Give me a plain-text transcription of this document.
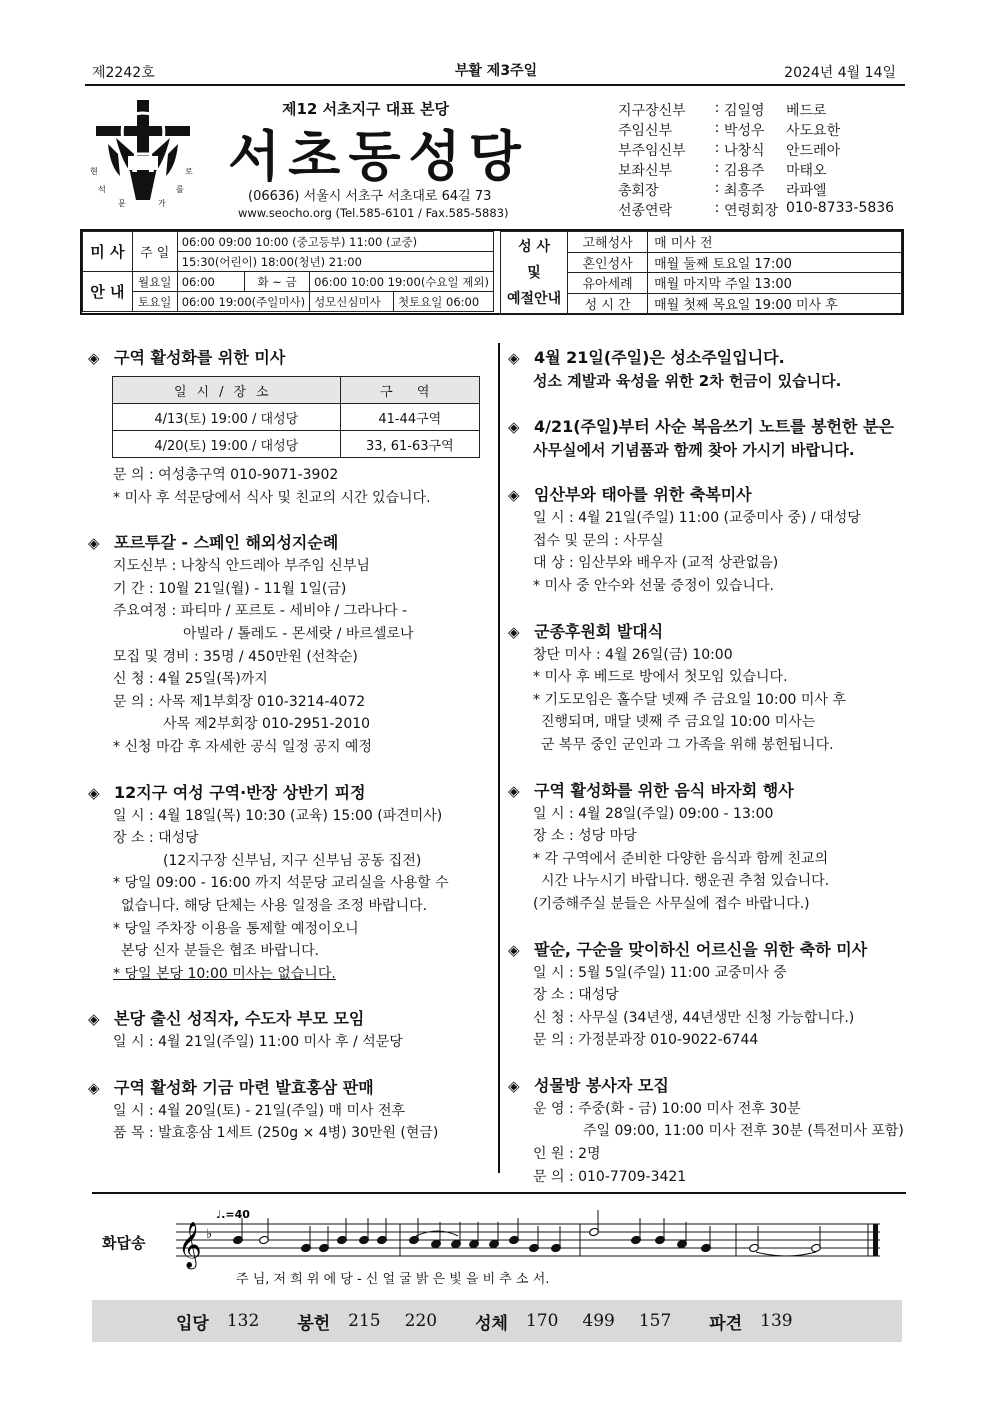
제2242호	부활 제3주일	2024년 4월 14일
현	로
석	를
문	가
제12 서초지구 대표 본당
서초동성당
(06636) 서울시 서초구 서초대로 64길 73
www.seocho.org (Tel.585-6101 / Fax.585-5883)
지구장신부	: 김일영	베드로
주임신부	: 박성우	사도요한
부주임신부	: 나창식	안드레아
보좌신부	: 김용주	마태오
총회장	: 최흥주	라파엘
선종연락	: 연령회장 010-8733-5836
미 사	주 일	06:00 09:00 10:00 (중고등부) 11:00 (교중)			
		15:30(어린이) 18:00(청년) 21:00			
안 내	월요일	06:00	화 ~ 금	06:00 10:00 19:00(수요일 제외)	
	토요일	06:00 19:00(주일미사)		성모신심미사	첫토요일 06:00
성 사
및
예절안내	고해성사	매 미사 전
	혼인성사	매월 둘째 토요일 17:00
	유아세례	매월 마지막 주일 13:00
	성 시 간	매월 첫째 목요일 19:00 미사 후
◈ 구역 활성화를 위한 미사
일시/장소	구 역
4/13(토) 19:00 / 대성당	41-44구역
4/20(토) 19:00 / 대성당	33, 61-63구역
문 의 : 여성총구역 010-9071-3902
* 미사 후 석문당에서 식사 및 친교의 시간 있습니다.
◈ 포르투갈 - 스페인 해외성지순례
지도신부 : 나창식 안드레아 부주임 신부님
기 간 : 10월 21일(월) - 11월 1일(금)
주요여정 : 파티마 / 포르토 - 세비야 / 그라나다 -
아빌라 / 톨레도 - 몬세랏 / 바르셀로나
모집 및 경비 : 35명 / 450만원 (선착순)
신 청 : 4월 25일(목)까지
문 의 : 사목 제1부회장 010-3214-4072
사목 제2부회장 010-2951-2010
* 신청 마감 후 자세한 공식 일정 공지 예정
◈ 12지구 여성 구역·반장 상반기 피정
일 시 : 4월 18일(목) 10:30 (교육) 15:00 (파견미사)
장 소 : 대성당
(12지구장 신부님, 지구 신부님 공동 집전)
* 당일 09:00 - 16:00 까지 석문당 교리실을 사용할 수
없습니다. 해당 단체는 사용 일정을 조정 바랍니다.
* 당일 주차장 이용을 통제할 예정이오니
본당 신자 분들은 협조 바랍니다.
* 당일 본당 10:00 미사는 없습니다.
◈ 본당 출신 성직자, 수도자 부모 모임
일 시 : 4월 21일(주일) 11:00 미사 후 / 석문당
◈ 구역 활성화 기금 마련 발효홍삼 판매
일 시 : 4월 20일(토) - 21일(주일) 매 미사 전후
품 목 : 발효홍삼 1세트 (250g × 4병) 30만원 (현금)
◈ 4월 21일(주일)은 성소주일입니다.
성소 계발과 육성을 위한 2차 헌금이 있습니다.
◈ 4/21(주일)부터 사순 복음쓰기 노트를 봉헌한 분은
사무실에서 기념품과 함께 찾아 가시기 바랍니다.
◈ 임산부와 태아를 위한 축복미사
일 시 : 4월 21일(주일) 11:00 (교중미사 중) / 대성당
접수 및 문의 : 사무실
대 상 : 임산부와 배우자 (교적 상관없음)
* 미사 중 안수와 선물 증정이 있습니다.
◈ 군종후원회 발대식
창단 미사 : 4월 26일(금) 10:00
* 미사 후 베드로 방에서 첫모임 있습니다.
* 기도모임은 홀수달 넷째 주 금요일 10:00 미사 후
진행되며, 매달 넷째 주 금요일 10:00 미사는
군 복무 중인 군인과 그 가족을 위해 봉헌됩니다.
◈ 구역 활성화를 위한 음식 바자회 행사
일 시 : 4월 28일(주일) 09:00 - 13:00
장 소 : 성당 마당
* 각 구역에서 준비한 다양한 음식과 함께 친교의
시간 나누시기 바랍니다. 행운권 추첨 있습니다.
(기증해주실 분들은 사무실에 접수 바랍니다.)
◈ 팔순, 구순을 맞이하신 어르신을 위한 축하 미사
일 시 : 5월 5일(주일) 11:00 교중미사 중
장 소 : 대성당
신 청 : 사무실 (34년생, 44년생만 신청 가능합니다.)
문 의 : 가정분과장 010-9022-6744
◈ 성물방 봉사자 모집
운 영 : 주중(화 - 금) 10:00 미사 전후 30분
주일 09:00, 11:00 미사 전후 30분 (특전미사 포함)
인 원 : 2명
문 의 : 010-7709-3421
화답송 𝄞 ♭
♩.=40
주 님, 저 희 위 에 당 - 신 얼 굴 밝 은 빛 을 비 추 소 서.
입당 132 봉헌 215 220 성체 170 499 157 파견 139
